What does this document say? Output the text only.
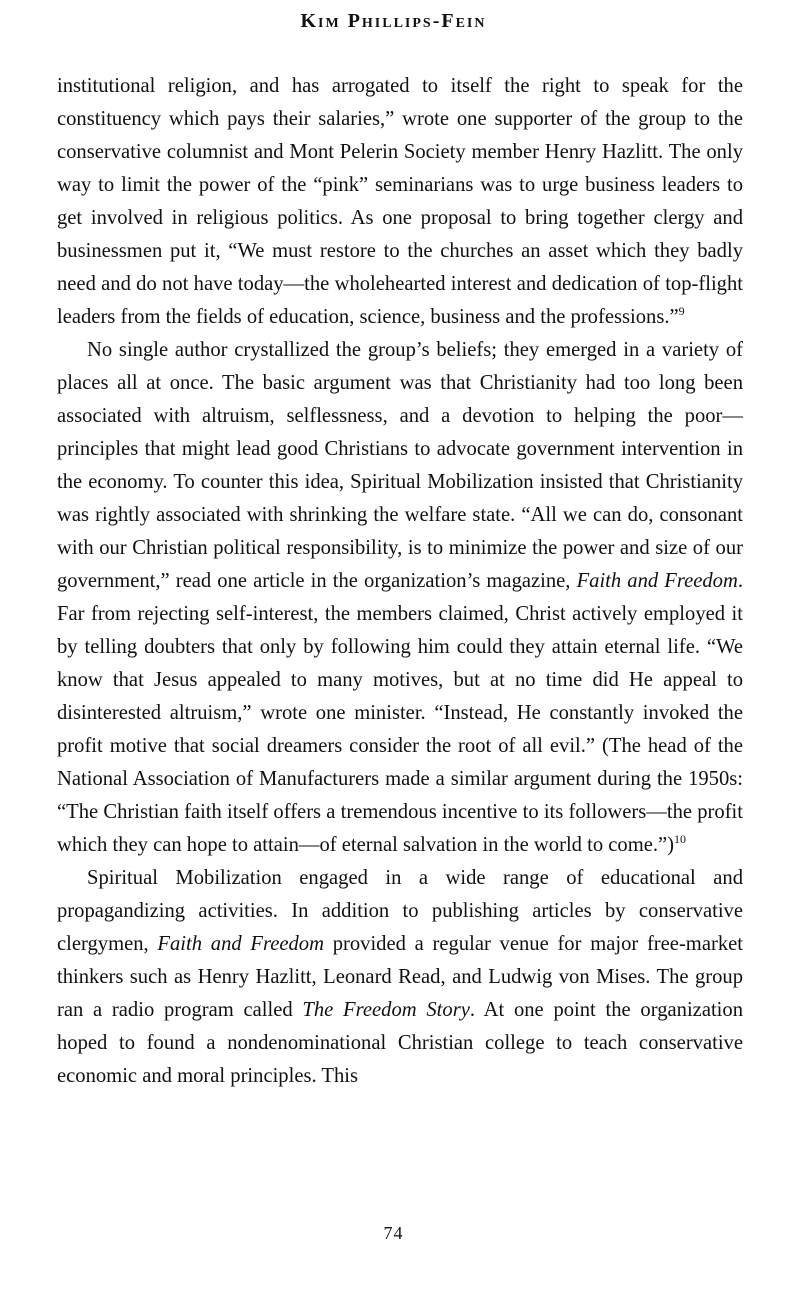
Kim Phillips-Fein

institutional religion, and has arrogated to itself the right to speak for the constituency which pays their salaries,” wrote one supporter of the group to the conservative columnist and Mont Pelerin Society member Henry Hazlitt. The only way to limit the power of the “pink” seminarians was to urge business leaders to get involved in religious politics. As one proposal to bring together clergy and businessmen put it, “We must restore to the churches an asset which they badly need and do not have today—the wholehearted interest and dedication of top-flight leaders from the fields of education, science, business and the professions.”$^9$

No single author crystallized the group’s beliefs; they emerged in a variety of places all at once. The basic argument was that Christianity had too long been associated with altruism, selflessness, and a devotion to helping the poor—principles that might lead good Christians to advocate government intervention in the economy. To counter this idea, Spiritual Mobilization insisted that Christianity was rightly associated with shrinking the welfare state. “All we can do, consonant with our Christian political responsibility, is to minimize the power and size of our government,” read one article in the organization’s magazine, Faith and Freedom. Far from rejecting self-interest, the members claimed, Christ actively employed it by telling doubters that only by following him could they attain eternal life. “We know that Jesus appealed to many motives, but at no time did He appeal to disinterested altruism,” wrote one minister. “Instead, He constantly invoked the profit motive that social dreamers consider the root of all evil.” (The head of the National Association of Manufacturers made a similar argument during the 1950s: “The Christian faith itself offers a tremendous incentive to its followers—the profit which they can hope to attain—of eternal salvation in the world to come.”)$^{10}$

Spiritual Mobilization engaged in a wide range of educational and propagandizing activities. In addition to publishing articles by conservative clergymen, Faith and Freedom provided a regular venue for major free-market thinkers such as Henry Hazlitt, Leonard Read, and Ludwig von Mises. The group ran a radio program called The Freedom Story. At one point the organization hoped to found a nondenominational Christian college to teach conservative economic and moral principles. This

74
